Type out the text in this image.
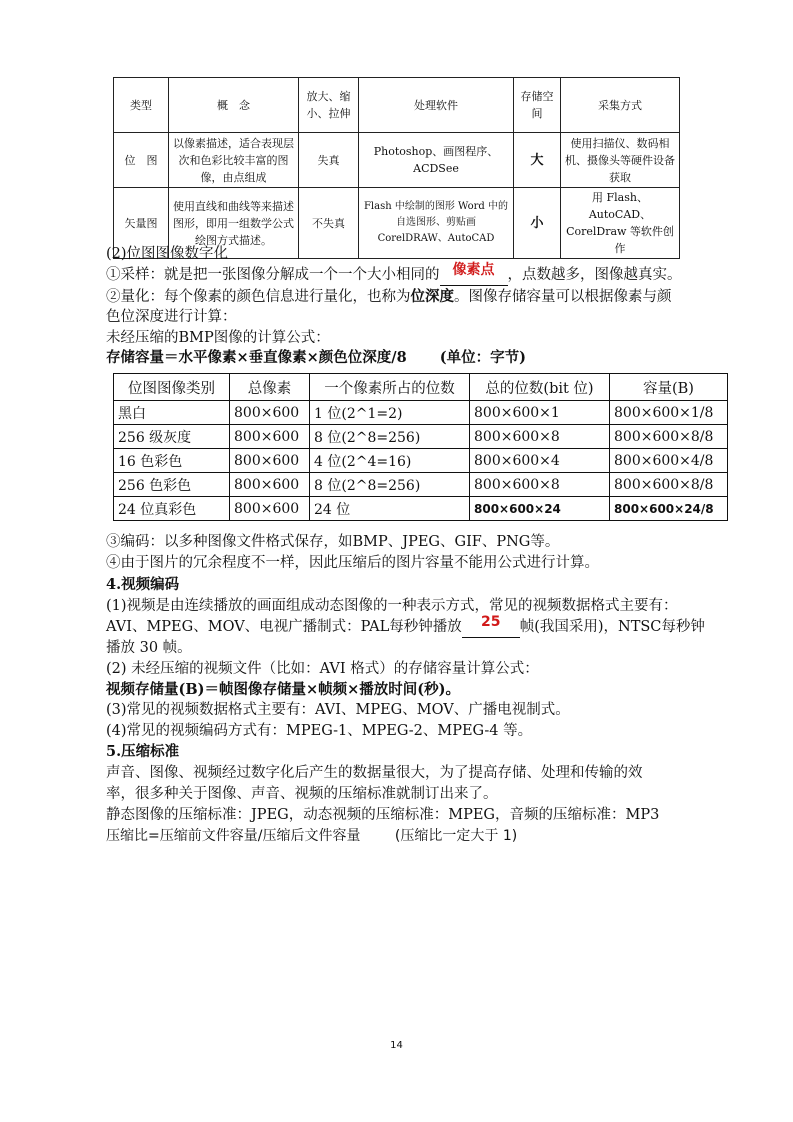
类型	概　念	放大、缩小、拉伸	处理软件	存储空间	采集方式
位　图	以像素描述，适合表现层次和色彩比较丰富的图像，由点组成	失真	Photoshop、画图程序、ACDSee	大	使用扫描仪、数码相机、摄像头等硬件设备获取
矢量图	使用直线和曲线等来描述图形，即用一组数学公式绘图方式描述。	不失真	Flash 中绘制的图形 Word 中的自选图形、剪贴画 CorelDRAW、AutoCAD	小	用 Flash、AutoCAD、CorelDraw 等软件创作
(2)位图图像数字化
①采样：就是把一张图像分解成一个一个大小相同的 像素点 ，点数越多，图像越真实。
②量化：每个像素的颜色信息进行量化，也称为位深度。图像存储容量可以根据像素与颜
色位深度进行计算：
未经压缩的BMP图像的计算公式：
存储容量＝水平像素×垂直像素×颜色位深度/8 (单位：字节)
位图图像类别	总像素	一个像素所占的位数	总的位数(bit 位)	容量(B)
黑白	800×600	1 位(2^1=2)	800×600×1	800×600×1/8
256 级灰度	800×600	8 位(2^8=256)	800×600×8	800×600×8/8
16 色彩色	800×600	4 位(2^4=16)	800×600×4	800×600×4/8
256 色彩色	800×600	8 位(2^8=256)	800×600×8	800×600×8/8
24 位真彩色	800×600	24 位	800×600×24	800×600×24/8
③编码：以多种图像文件格式保存，如BMP、JPEG、GIF、PNG等。
④由于图片的冗余程度不一样，因此压缩后的图片容量不能用公式进行计算。
4.视频编码
(1)视频是由连续播放的画面组成动态图像的一种表示方式，常见的视频数据格式主要有：
AVI、MPEG、MOV、电视广播制式：PAL每秒钟播放 25 帧(我国采用)，NTSC每秒钟
播放 30 帧。
(2) 未经压缩的视频文件（比如：AVI 格式）的存储容量计算公式：
视频存储量(B)＝帧图像存储量×帧频×播放时间(秒)。
(3)常见的视频数据格式主要有：AVI、MPEG、MOV、广播电视制式。
(4)常见的视频编码方式有：MPEG-1、MPEG-2、MPEG-4 等。
5.压缩标准
声音、图像、视频经过数字化后产生的数据量很大，为了提高存储、处理和传输的效
率，很多种关于图像、声音、视频的压缩标准就制订出来了。
静态图像的压缩标准：JPEG，动态视频的压缩标准：MPEG，音频的压缩标准：MP3
压缩比=压缩前文件容量/压缩后文件容量 (压缩比一定大于 1)
14
